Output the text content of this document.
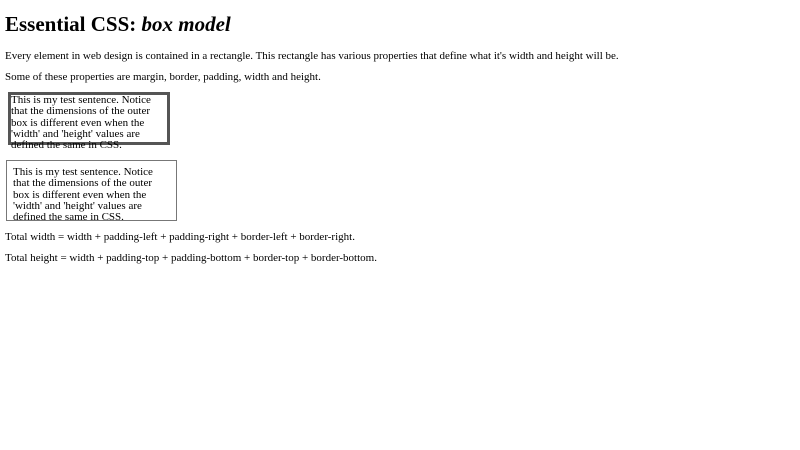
Essential CSS: box model

Every element in web design is contained in a rectangle. This rectangle has various properties that define what it's width and height will be.

Some of these properties are margin, border, padding, width and height.

This is my test sentence. Notice that the dimensions of the outer box is different even when the 'width' and 'height' values are defined the same in CSS.
This is my test sentence. Notice that the dimensions of the outer box is different even when the 'width' and 'height' values are defined the same in CSS.

Total width = width + padding-left + padding-right + border-left + border-right.

Total height = width + padding-top + padding-bottom + border-top + border-bottom.
